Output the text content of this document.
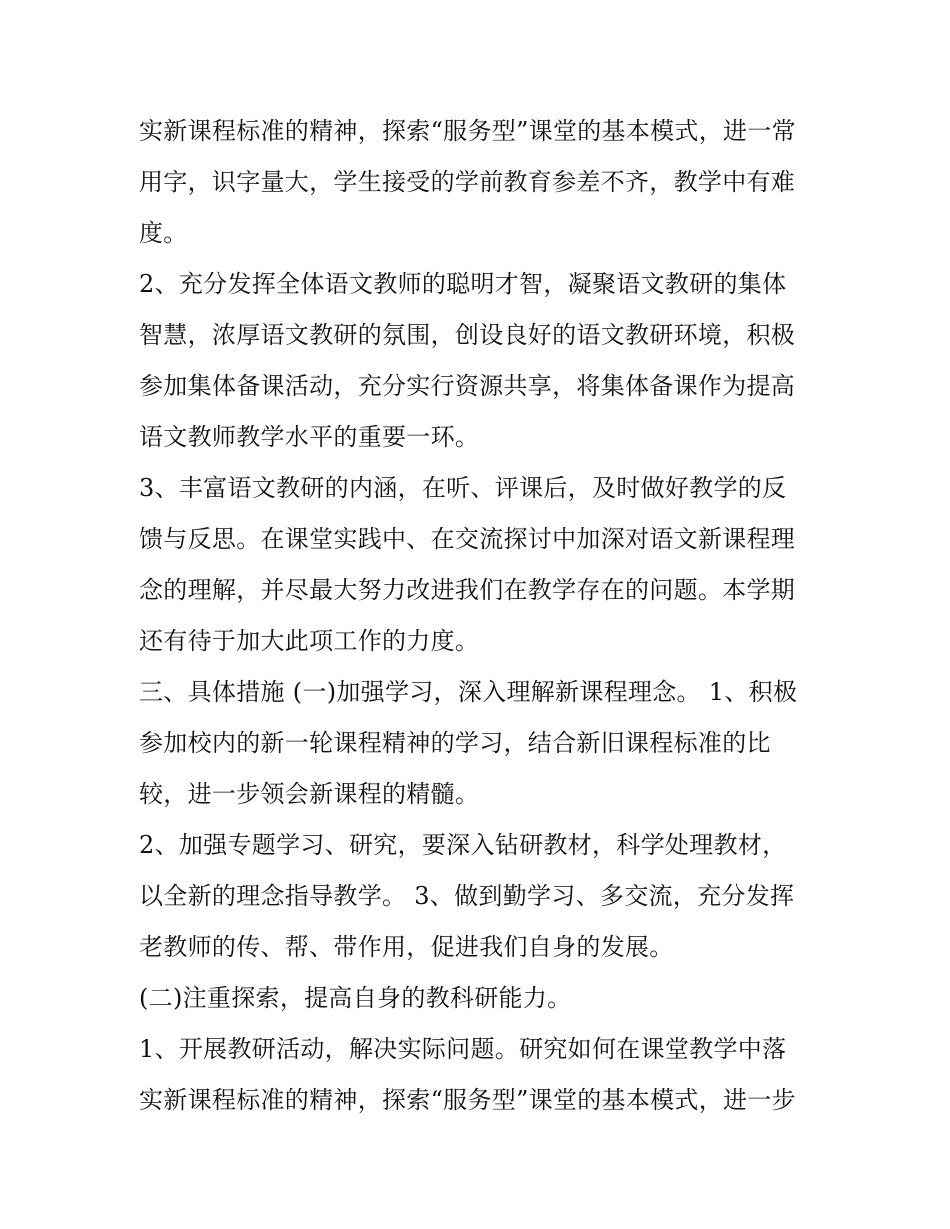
实新课程标准的精神，探索“服务型”课堂的基本模式，进一常
用字，识字量大，学生接受的学前教育参差不齐，教学中有难
度。
2、充分发挥全体语文教师的聪明才智，凝聚语文教研的集体
智慧，浓厚语文教研的氛围，创设良好的语文教研环境，积极
参加集体备课活动，充分实行资源共享，将集体备课作为提高
语文教师教学水平的重要一环。
3、丰富语文教研的内涵，在听、评课后，及时做好教学的反
馈与反思。在课堂实践中、在交流探讨中加深对语文新课程理
念的理解，并尽最大努力改进我们在教学存在的问题。本学期
还有待于加大此项工作的力度。
三、具体措施 (一)加强学习，深入理解新课程理念。 1、积极
参加校内的新一轮课程精神的学习，结合新旧课程标准的比
较，进一步领会新课程的精髓。
2、加强专题学习、研究，要深入钻研教材，科学处理教材，
以全新的理念指导教学。 3、做到勤学习、多交流，充分发挥
老教师的传、帮、带作用，促进我们自身的发展。
(二)注重探索，提高自身的教科研能力。
1、开展教研活动，解决实际问题。研究如何在课堂教学中落
实新课程标准的精神，探索“服务型”课堂的基本模式，进一步
